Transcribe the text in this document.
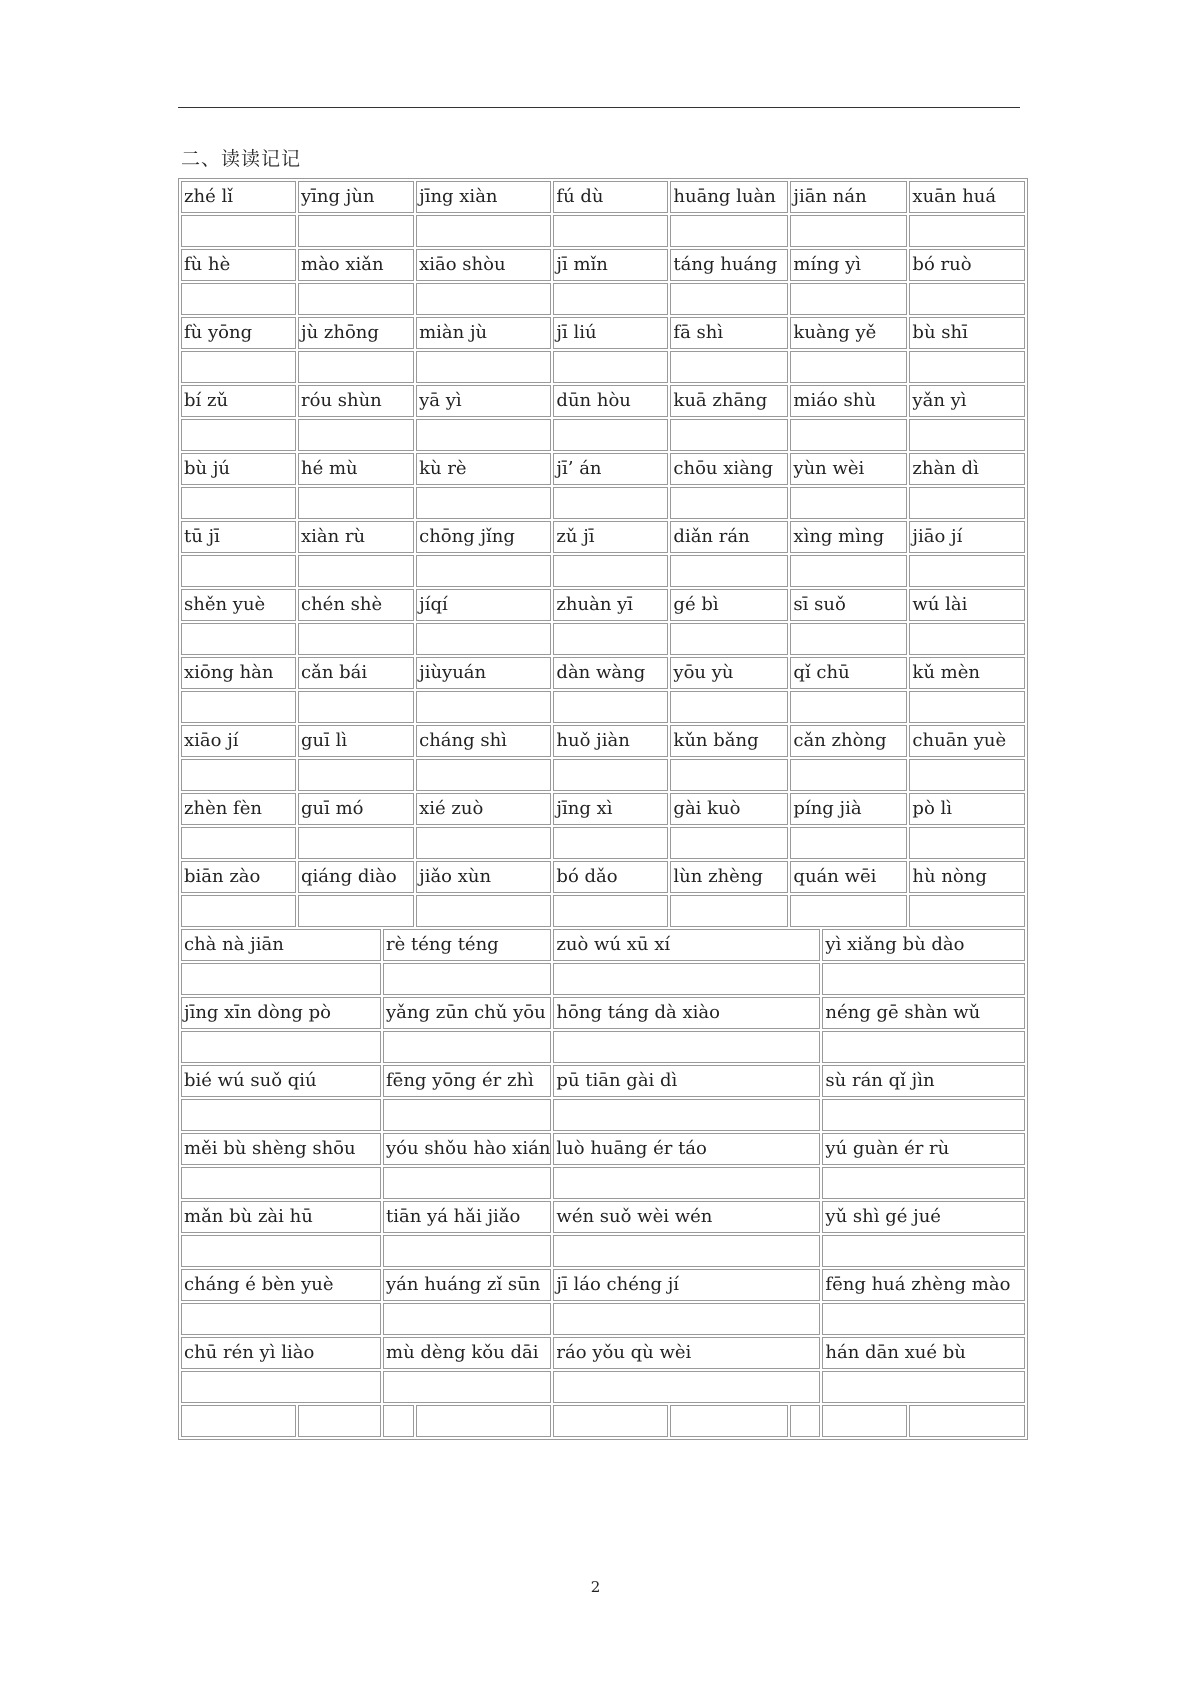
二、读读记记
zhé lǐ	yīng jùn		jīng xiàn	fú dù	huāng luàn	jiān nán		xuān huá

fù hè	mào xiǎn		xiāo shòu	jī mǐn	táng huáng	míng yì		bó ruò

fù yōng	jù zhōng		miàn jù	jī liú	fā shì	kuàng yě		bù shī

bí zǔ	róu shùn		yā yì	dūn hòu	kuā zhāng	miáo shù		yǎn yì

bù jú	hé mù		kù rè	jī’ án	chōu xiàng	yùn wèi		zhàn dì

tū jī	xiàn rù		chōng jǐng	zǔ jī	diǎn rán	xìng mìng		jiāo jí

shěn yuè	chén shè		jíqí	zhuàn yī	gé bì	sī suǒ		wú lài

xiōng hàn	cǎn bái		jiùyuán	dàn wàng	yōu yù	qǐ chū		kǔ mèn

xiāo jí	guī lì		cháng shì	huǒ jiàn	kǔn bǎng	cǎn zhòng		chuān yuè

zhèn fèn	guī mó		xié zuò	jīng xì	gài kuò	píng jià		pò lì

biān zào	qiáng diào		jiǎo xùn	bó dǎo	lùn zhèng	quán wēi		hù nòng

chà nà jiān		rè téng téng		zuò wú xū xí			yì xiǎng bù dào	

jīng xīn dòng pò		yǎng zūn chǔ yōu		hōng táng dà xiào			néng gē shàn wǔ	

bié wú suǒ qiú		fēng yōng ér zhì		pū tiān gài dì			sù rán qǐ jìn	

měi bù shèng shōu		yóu shǒu hào xián		luò huāng ér táo			yú guàn ér rù	

mǎn bù zài hū		tiān yá hǎi jiǎo		wén suǒ wèi wén			yǔ shì gé jué	

cháng é bèn yuè		yán huáng zǐ sūn		jī láo chéng jí			fēng huá zhèng mào	

chū rén yì liào		mù dèng kǒu dāi		ráo yǒu qù wèi			hán dān xué bù	

2
